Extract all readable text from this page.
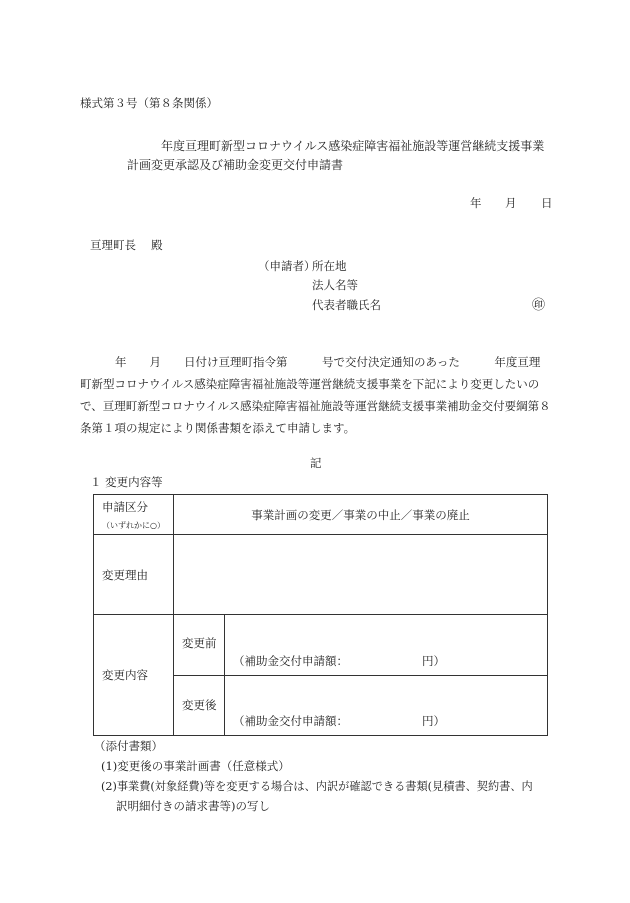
様式第３号（第８条関係）
年度亘理町新型コロナウイルス感染症障害福祉施設等運営継続支援事業
計画変更承認及び補助金変更交付申請書
年 月 日
亘理町長　 殿
（申請者）
所在地
法人名等
代表者職氏名	㊞
年　　月　　日付け亘理町指令第　　　号で交付決定通知のあった　　　年度亘理
町新型コロナウイルス感染症障害福祉施設等運営継続支援事業を下記により変更したいの
で、亘理町新型コロナウイルス感染症障害福祉施設等運営継続支援事業補助金交付要綱第８
条第１項の規定により関係書類を添えて申請します。
記
１ 変更内容等
申請区分
（いずれかに○）	事業計画の変更／事業の中止／事業の廃止	
変更理由		
変更内容	変更前	（補助金交付申請額： 円）
	変更後	（補助金交付申請額： 円）
（添付書類）
(1)変更後の事業計画書（任意様式）
(2)事業費(対象経費)等を変更する場合は、内訳が確認できる書類(見積書、契約書、内
訳明細付きの請求書等)の写し
